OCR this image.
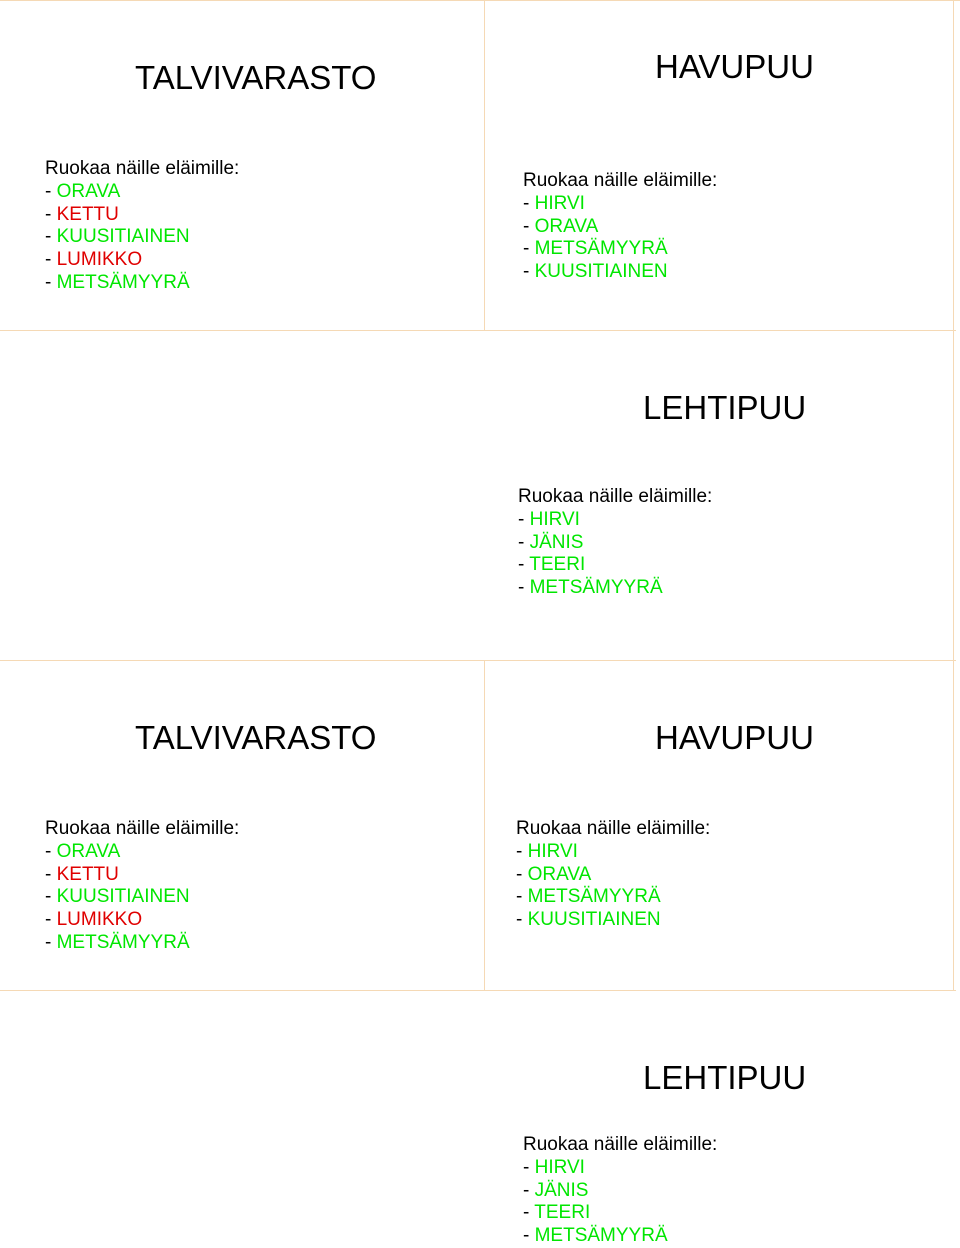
TALVIVARASTO
Ruokaa näille eläimille:
- ORAVA
- KETTU
- KUUSITIAINEN
- LUMIKKO
- METSÄMYYRÄ
HAVUPUU
Ruokaa näille eläimille:
- HIRVI
- ORAVA
- METSÄMYYRÄ
- KUUSITIAINEN
LEHTIPUU
Ruokaa näille eläimille:
- HIRVI
- JÄNIS
- TEERI
- METSÄMYYRÄ
TALVIVARASTO
Ruokaa näille eläimille:
- ORAVA
- KETTU
- KUUSITIAINEN
- LUMIKKO
- METSÄMYYRÄ
HAVUPUU
Ruokaa näille eläimille:
- HIRVI
- ORAVA
- METSÄMYYRÄ
- KUUSITIAINEN
LEHTIPUU
Ruokaa näille eläimille:
- HIRVI
- JÄNIS
- TEERI
- METSÄMYYRÄ
